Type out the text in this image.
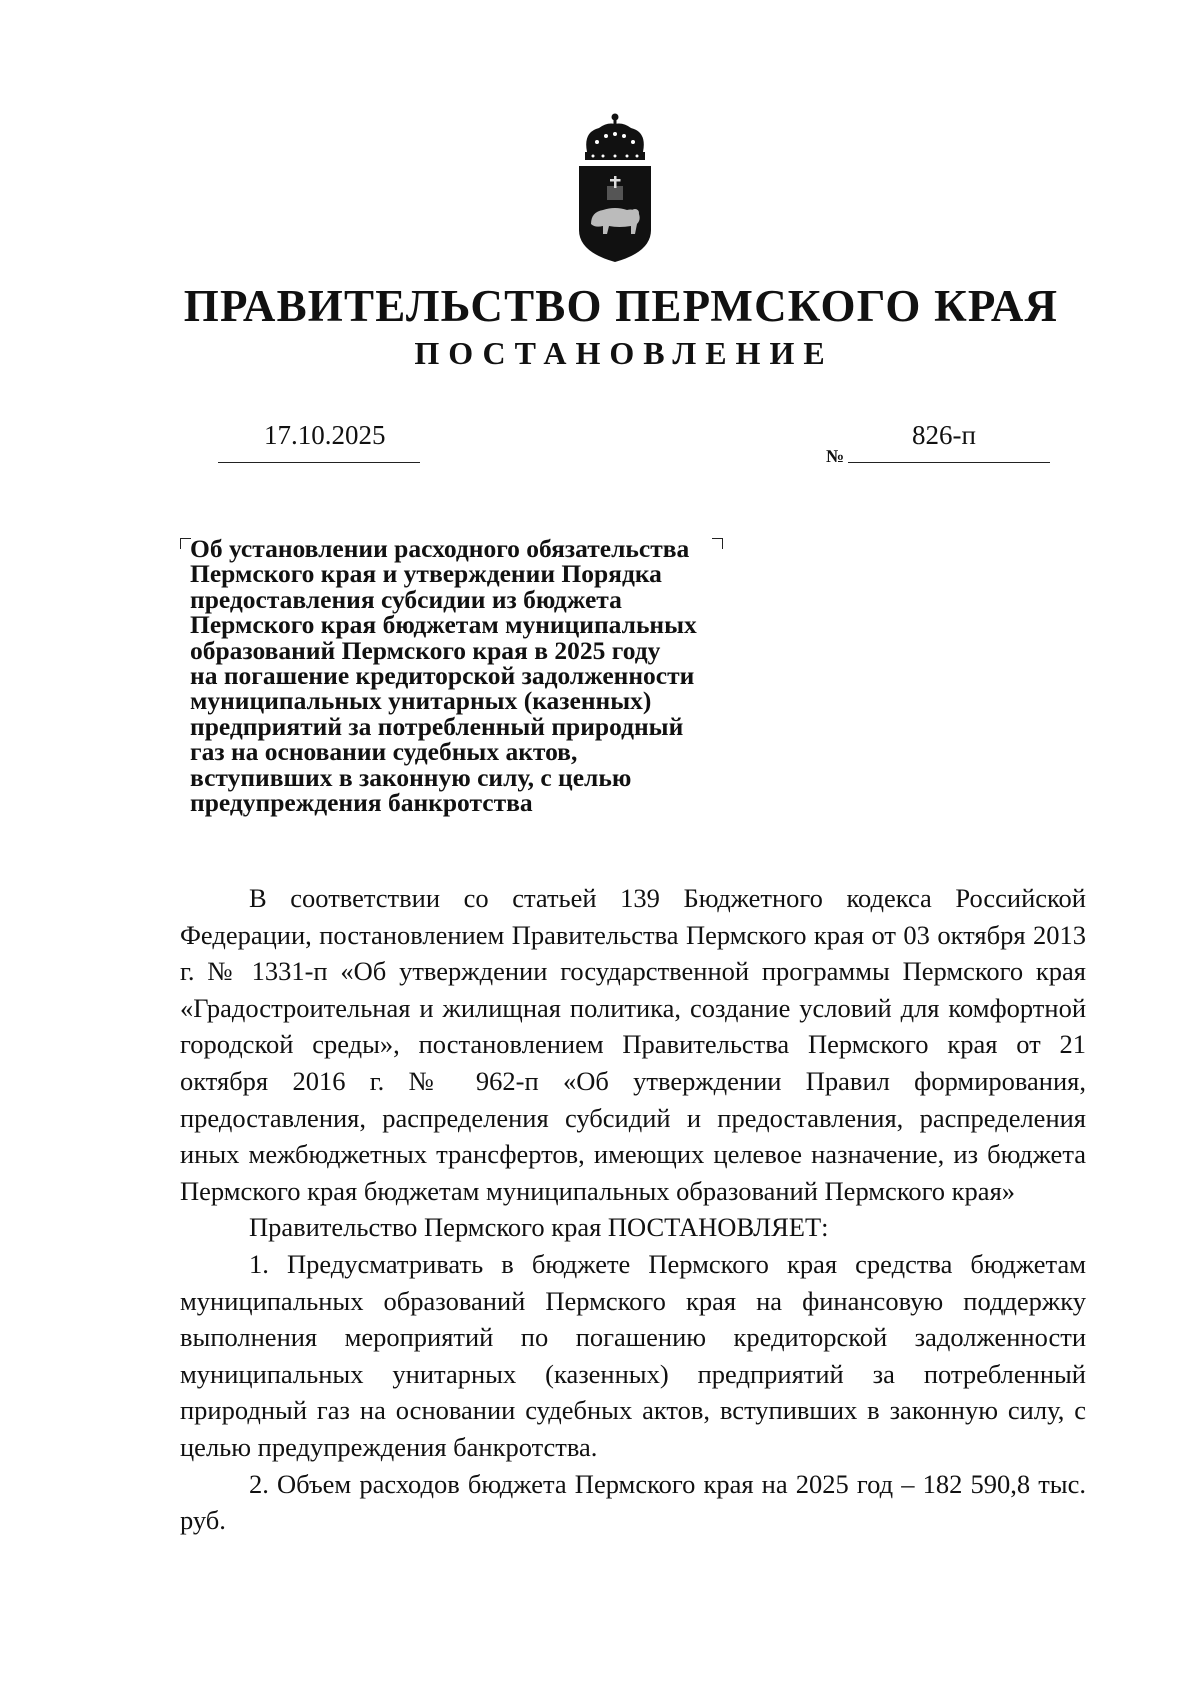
ПРАВИТЕЛЬСТВО ПЕРМСКОГО КРАЯ
ПОСТАНОВЛЕНИЕ
17.10.2025
№
826-п
Об установлении расходного обязательства
Пермского края и утверждении Порядка
предоставления субсидии из бюджета
Пермского края бюджетам муниципальных
образований Пермского края в 2025 году
на погашение кредиторской задолженности
муниципальных унитарных (казенных)
предприятий за потребленный природный
газ на основании судебных актов,
вступивших в законную силу, с целью
предупреждения банкротства

В соответствии со статьей 139 Бюджетного кодекса Российской Федерации, постановлением Правительства Пермского края от 03 октября 2013 г. № 1331-п «Об утверждении государственной программы Пермского края «Градостроительная и жилищная политика, создание условий для комфортной городской среды», постановлением Правительства Пермского края от 21 октября 2016 г. № 962-п «Об утверждении Правил формирования, предоставления, распределения субсидий и предоставления, распределения иных межбюджетных трансфертов, имеющих целевое назначение, из бюджета Пермского края бюджетам муниципальных образований Пермского края»

Правительство Пермского края ПОСТАНОВЛЯЕТ:

1. Предусматривать в бюджете Пермского края средства бюджетам муниципальных образований Пермского края на финансовую поддержку выполнения мероприятий по погашению кредиторской задолженности муниципальных унитарных (казенных) предприятий за потребленный природный газ на основании судебных актов, вступивших в законную силу, с целью предупреждения банкротства.

2. Объем расходов бюджета Пермского края на 2025 год – 182 590,8 тыс. руб.
